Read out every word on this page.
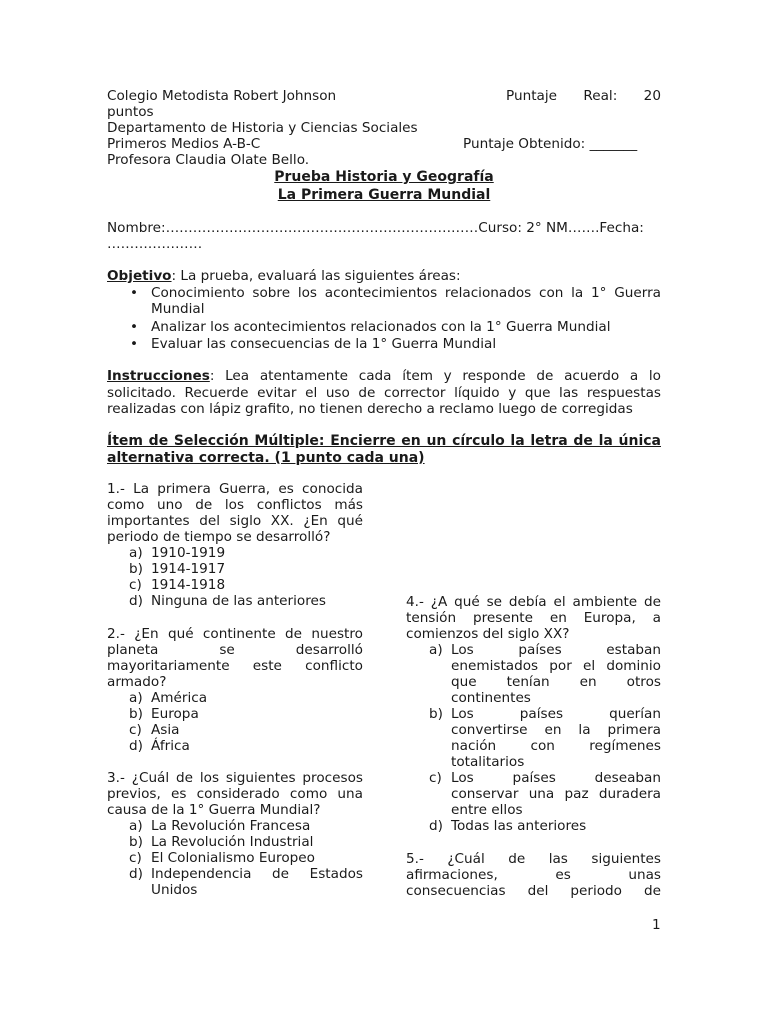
Colegio Metodista Robert Johnson	Puntaje Real: 20
puntos
Departamento de Historia y Ciencias Sociales
Primeros Medios A-B-C	Puntaje Obtenido: _______
Profesora Claudia Olate Bello.
Prueba Historia y Geografía
La Primera Guerra Mundial
Nombre:……………………………………………………………Curso: 2° NM…….Fecha:
…………………
Objetivo: La prueba, evaluará las siguientes áreas:
• Conocimiento sobre los acontecimientos relacionados con la 1° Guerra
Mundial
• Analizar los acontecimientos relacionados con la 1° Guerra Mundial
• Evaluar las consecuencias de la 1° Guerra Mundial
Instrucciones: Lea atentamente cada ítem y responde de acuerdo a lo
solicitado. Recuerde evitar el uso de corrector líquido y que las respuestas
realizadas con lápiz grafito, no tienen derecho a reclamo luego de corregidas
Ítem de Selección Múltiple: Encierre en un círculo la letra de la única
alternativa correcta. (1 punto cada una)
1.- La primera Guerra, es conocida
como uno de los conflictos más
importantes del siglo XX. ¿En qué
periodo de tiempo se desarrolló?
a) 1910-1919
b) 1914-1917
c) 1914-1918
d) Ninguna de las anteriores
2.- ¿En qué continente de nuestro
planeta se desarrolló
mayoritariamente este conflicto
armado?
a) América
b) Europa
c) Asia
d) África
3.- ¿Cuál de los siguientes procesos
previos, es considerado como una
causa de la 1° Guerra Mundial?
a) La Revolución Francesa
b) La Revolución Industrial
c) El Colonialismo Europeo
d) Independencia de Estados
Unidos
4.- ¿A qué se debía el ambiente de
tensión presente en Europa, a
comienzos del siglo XX?
a) Los países estaban
enemistados por el dominio
que tenían en otros
continentes
b) Los países querían
convertirse en la primera
nación con regímenes
totalitarios
c) Los países deseaban
conservar una paz duradera
entre ellos
d) Todas las anteriores
5.- ¿Cuál de las siguientes
afirmaciones, es unas
consecuencias del periodo de
1
